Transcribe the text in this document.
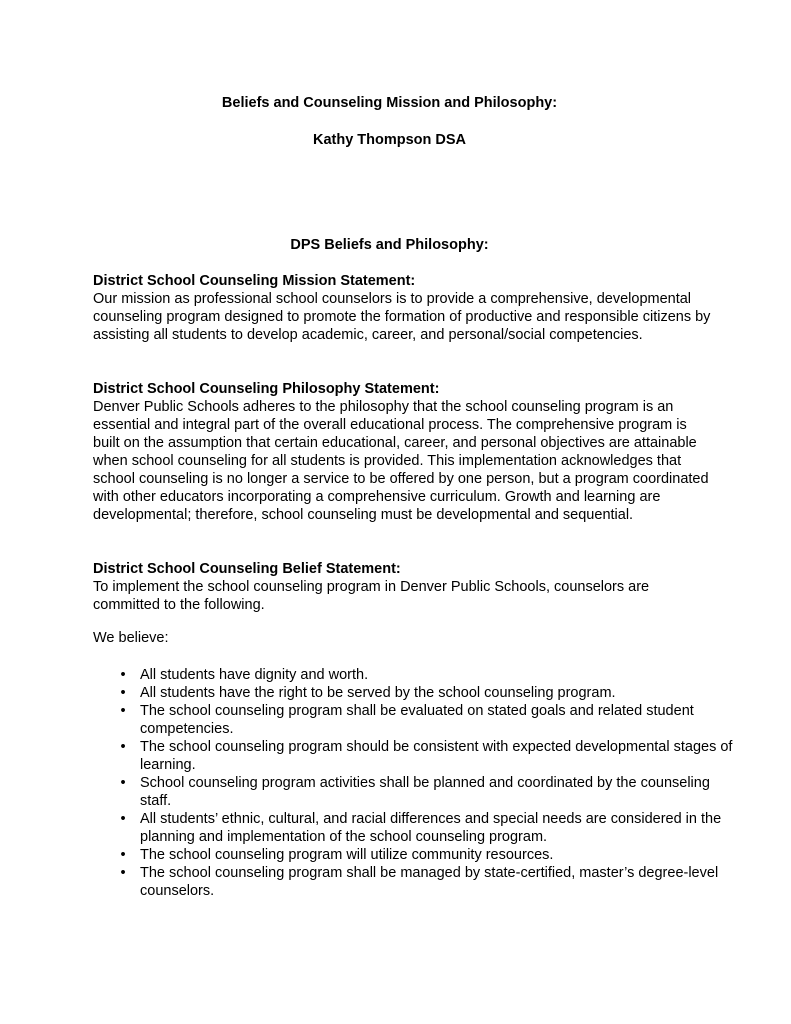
Beliefs and Counseling Mission and Philosophy:

Kathy Thompson DSA

DPS Beliefs and Philosophy:

District School Counseling Mission Statement:

Our mission as professional school counselors is to provide a comprehensive, developmental counseling program designed to promote the formation of productive and responsible citizens by assisting all students to develop academic, career, and personal/social competencies.

District School Counseling Philosophy Statement:

Denver Public Schools adheres to the philosophy that the school counseling program is an essential and integral part of the overall educational process. The comprehensive program is built on the assumption that certain educational, career, and personal objectives are attainable when school counseling for all students is provided. This implementation acknowledges that school counseling is no longer a service to be offered by one person, but a program coordinated with other educators incorporating a comprehensive curriculum. Growth and learning are developmental; therefore, school counseling must be developmental and sequential.

District School Counseling Belief Statement:

To implement the school counseling program in Denver Public Schools, counselors are committed to the following.

We believe:

• All students have dignity and worth.
• All students have the right to be served by the school counseling program.
• The school counseling program shall be evaluated on stated goals and related student competencies.
• The school counseling program should be consistent with expected developmental stages of learning.
• School counseling program activities shall be planned and coordinated by the counseling staff.
• All students’ ethnic, cultural, and racial differences and special needs are considered in the planning and implementation of the school counseling program.
• The school counseling program will utilize community resources.
• The school counseling program shall be managed by state-certified, master’s degree-level counselors.
